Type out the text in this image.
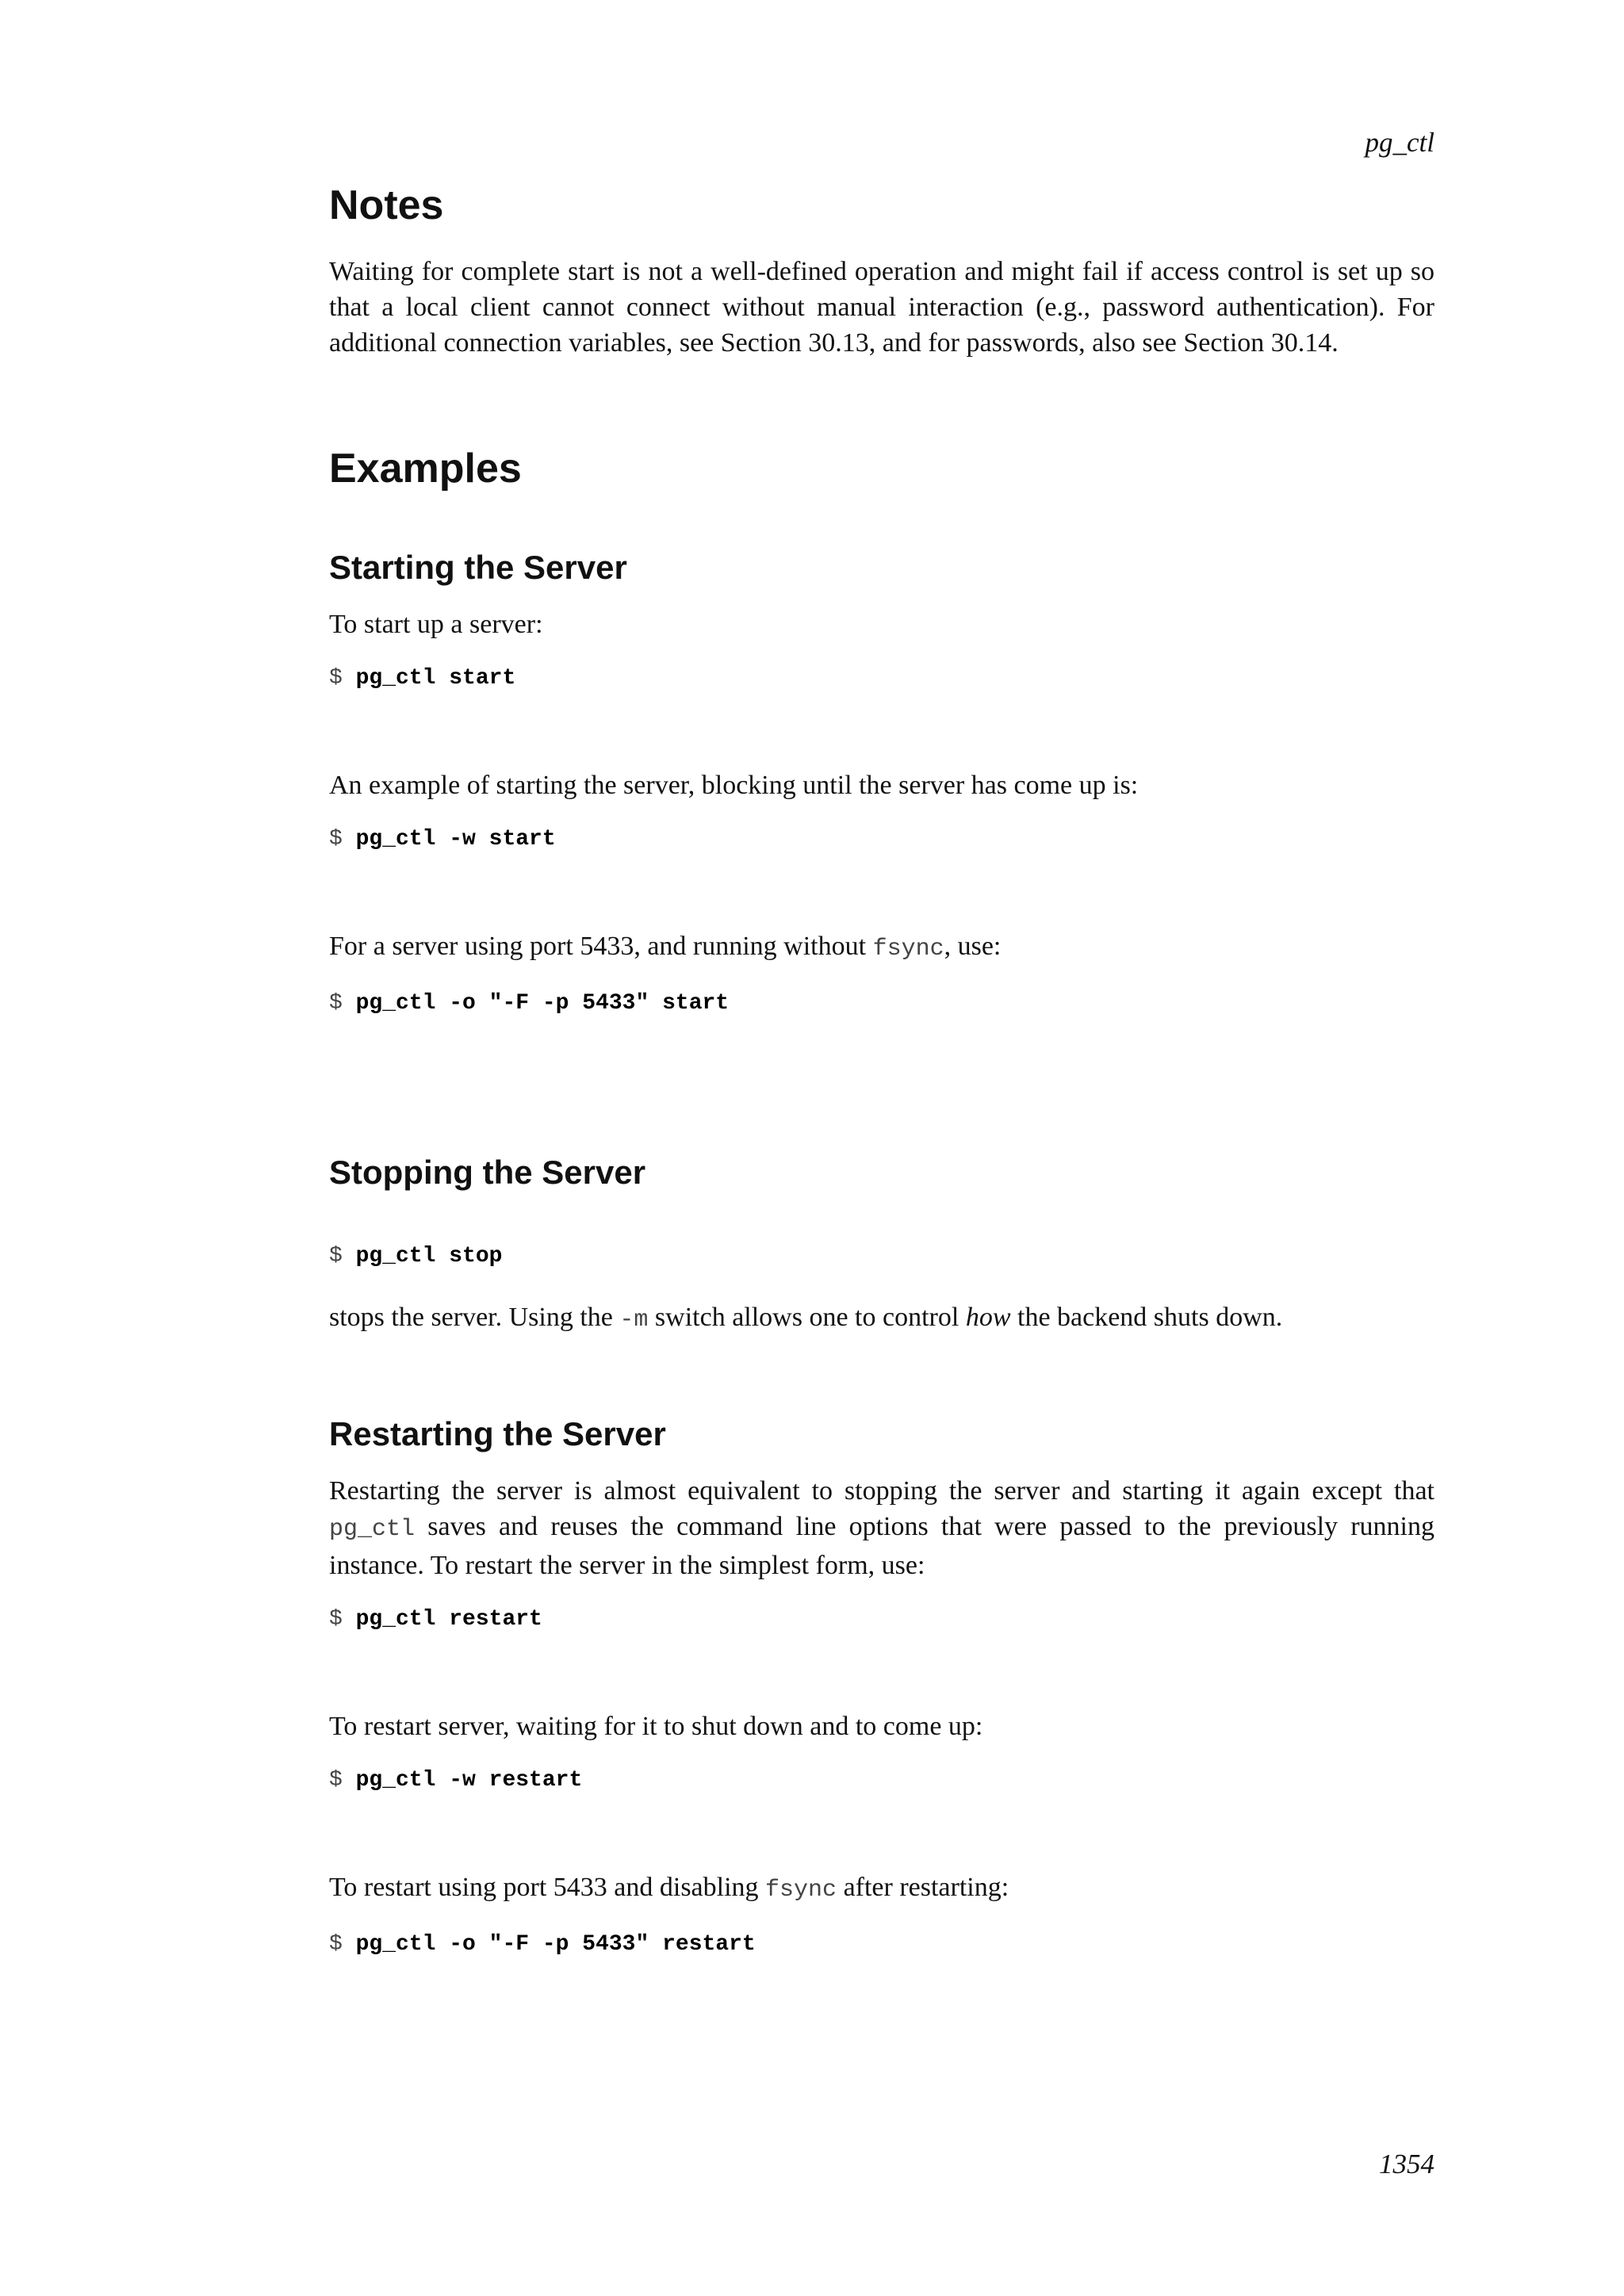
pg_ctl
Notes

Waiting for complete start is not a well-defined operation and might fail if access control is set up so that a local client cannot connect without manual interaction (e.g., password authentication). For additional connection variables, see Section 30.13, and for passwords, also see Section 30.14.

Examples
Starting the Server

To start up a server:

$ pg_ctl start

An example of starting the server, blocking until the server has come up is:

$ pg_ctl -w start

For a server using port 5433, and running without fsync, use:

$ pg_ctl -o "-F -p 5433" start
Stopping the Server
$ pg_ctl stop

stops the server. Using the -m switch allows one to control how the backend shuts down.

Restarting the Server

Restarting the server is almost equivalent to stopping the server and starting it again except that pg_ctl saves and reuses the command line options that were passed to the previously running instance. To restart the server in the simplest form, use:

$ pg_ctl restart

To restart server, waiting for it to shut down and to come up:

$ pg_ctl -w restart

To restart using port 5433 and disabling fsync after restarting:

$ pg_ctl -o "-F -p 5433" restart
1354
